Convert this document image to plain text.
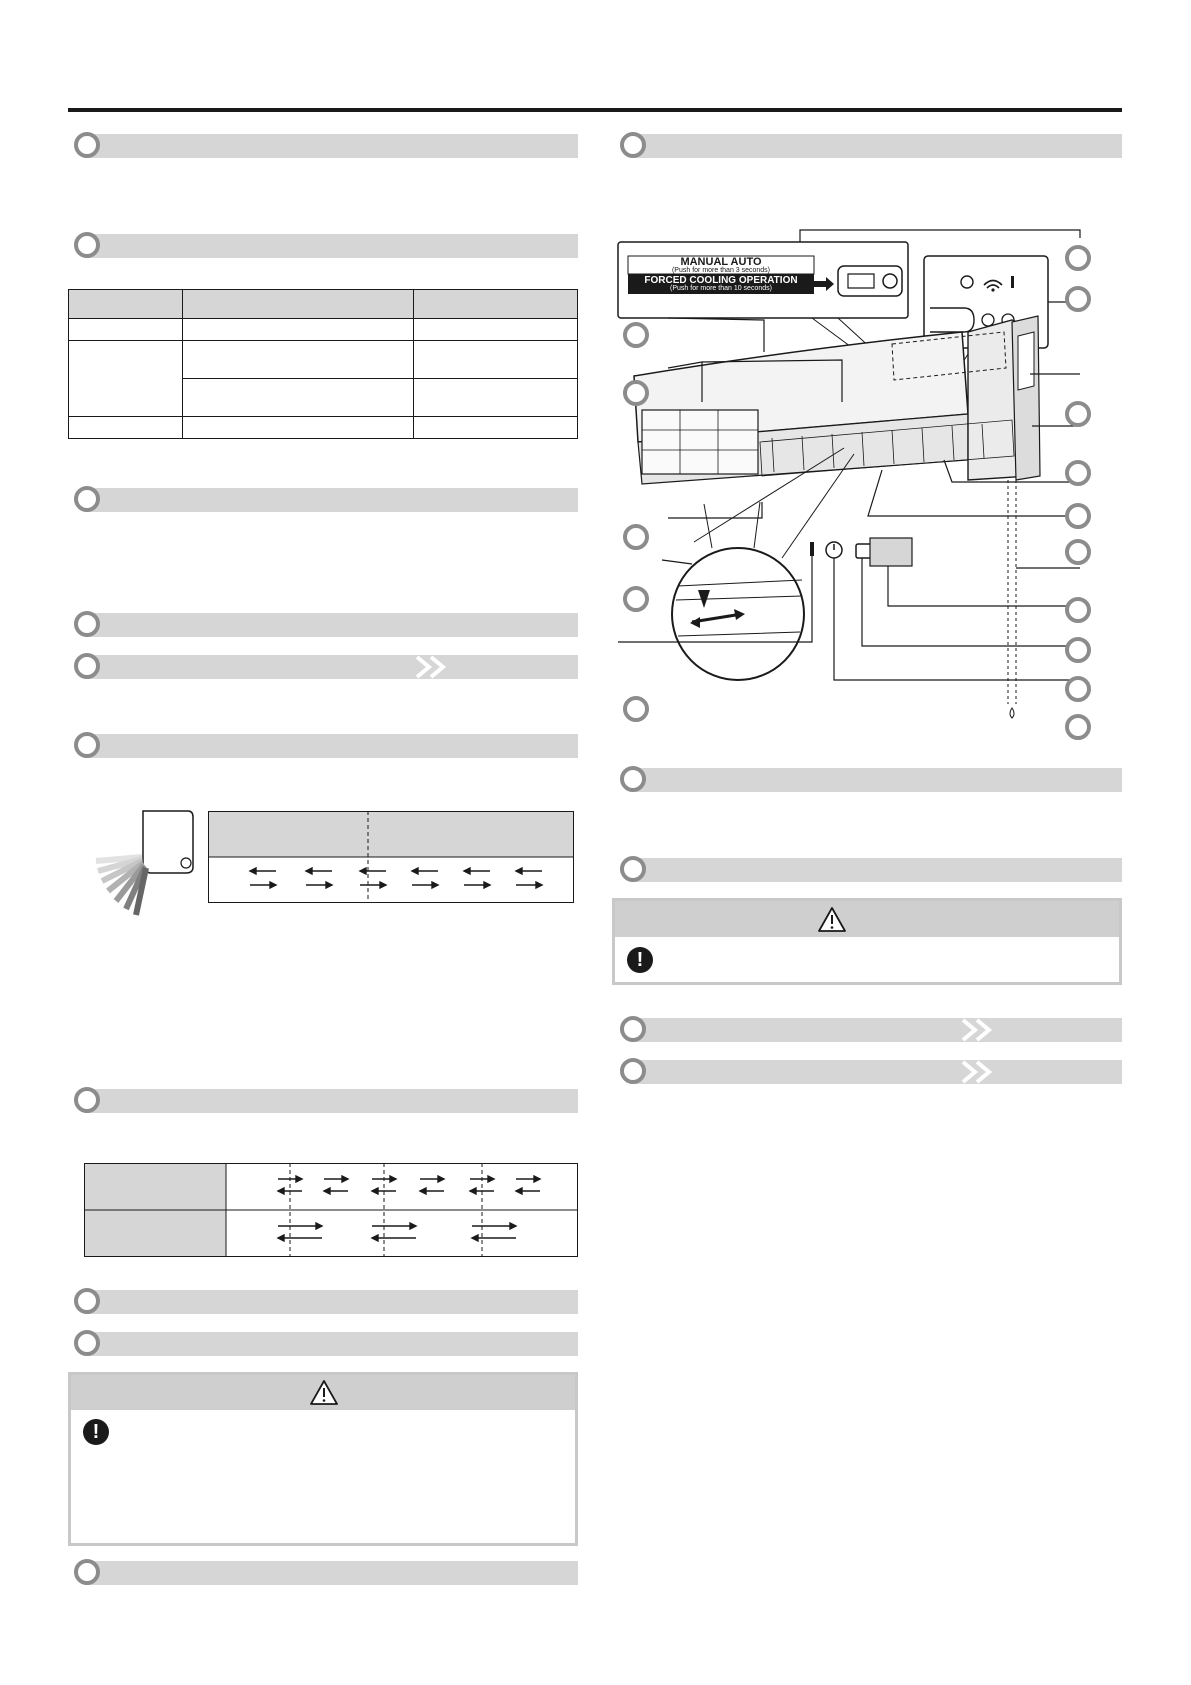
!
MANUAL AUTO
(Push for more than 3 seconds)
FORCED COOLING OPERATION
(Push for more than 10 seconds)
!
